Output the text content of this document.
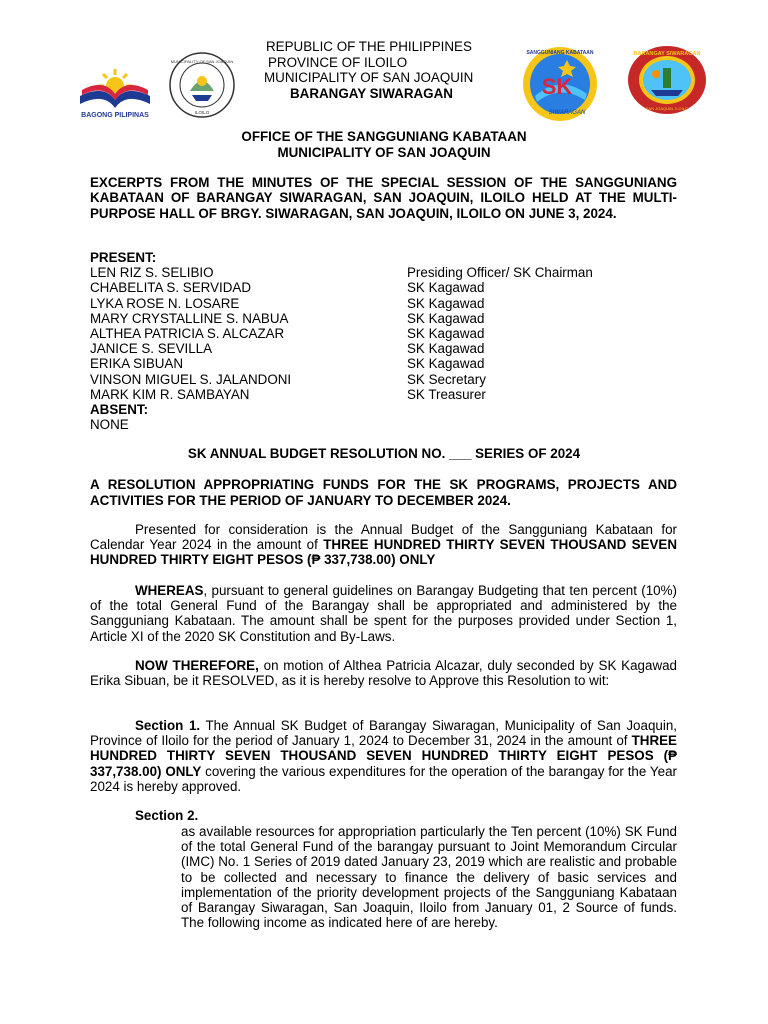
BAGONG PILIPINAS
MUNICIPALITY OF SAN JOAQUIN
ILOILO
REPUBLIC OF THE PHILIPPINES
PROVINCE OF ILOILO
MUNICIPALITY OF SAN JOAQUIN
BARANGAY SIWARAGAN	SK
SANGGUNIANG KABATAAN
SIWARAGAN
BARANGAY SIWARAGAN
SAN JOAQUIN, ILOILO
OFFICE OF THE SANGGUNIANG KABATAAN
MUNICIPALITY OF SAN JOAQUIN
EXCERPTS FROM THE MINUTES OF THE SPECIAL SESSION OF THE SANGGUNIANG KABATAAN OF BARANGAY SIWARAGAN, SAN JOAQUIN, ILOILO HELD AT THE MULTI-PURPOSE HALL OF BRGY. SIWARAGAN, SAN JOAQUIN, ILOILO ON JUNE 3, 2024.
PRESENT:
LEN RIZ S. SELIBIO	Presiding Officer/ SK Chairman
CHABELITA S. SERVIDAD	SK Kagawad
LYKA ROSE N. LOSARE	SK Kagawad
MARY CRYSTALLINE S. NABUA	SK Kagawad
ALTHEA PATRICIA S. ALCAZAR	SK Kagawad
JANICE S. SEVILLA	SK Kagawad
ERIKA SIBUAN	SK Kagawad
VINSON MIGUEL S. JALANDONI	SK Secretary
MARK KIM R. SAMBAYAN	SK Treasurer
ABSENT:
NONE
SK ANNUAL BUDGET RESOLUTION NO. ___ SERIES OF 2024
A RESOLUTION APPROPRIATING FUNDS FOR THE SK PROGRAMS, PROJECTS AND ACTIVITIES FOR THE PERIOD OF JANUARY TO DECEMBER 2024.
Presented for consideration is the Annual Budget of the Sangguniang Kabataan for Calendar Year 2024 in the amount of THREE HUNDRED THIRTY SEVEN THOUSAND SEVEN HUNDRED THIRTY EIGHT PESOS (₱ 337,738.00) ONLY
WHEREAS, pursuant to general guidelines on Barangay Budgeting that ten percent (10%) of the total General Fund of the Barangay shall be appropriated and administered by the Sangguniang Kabataan. The amount shall be spent for the purposes provided under Section 1, Article XI of the 2020 SK Constitution and By-Laws.
NOW THEREFORE, on motion of Althea Patricia Alcazar, duly seconded by SK Kagawad Erika Sibuan, be it RESOLVED, as it is hereby resolve to Approve this Resolution to wit:
Section 1. The Annual SK Budget of Barangay Siwaragan, Municipality of San Joaquin, Province of Iloilo for the period of January 1, 2024 to December 31, 2024 in the amount of THREE HUNDRED THIRTY SEVEN THOUSAND SEVEN HUNDRED THIRTY EIGHT PESOS (₱ 337,738.00) ONLY covering the various expenditures for the operation of the barangay for the Year 2024 is hereby approved.
Section 2.
as available resources for appropriation particularly the Ten percent (10%) SK Fund of the total General Fund of the barangay pursuant to Joint Memorandum Circular (IMC) No. 1 Series of 2019 dated January 23, 2019 which are realistic and probable to be collected and necessary to finance the delivery of basic services and implementation of the priority development projects of the Sangguniang Kabataan of Barangay Siwaragan, San Joaquin, Iloilo from January 01, 2 Source of funds. The following income as indicated here of are hereby.
